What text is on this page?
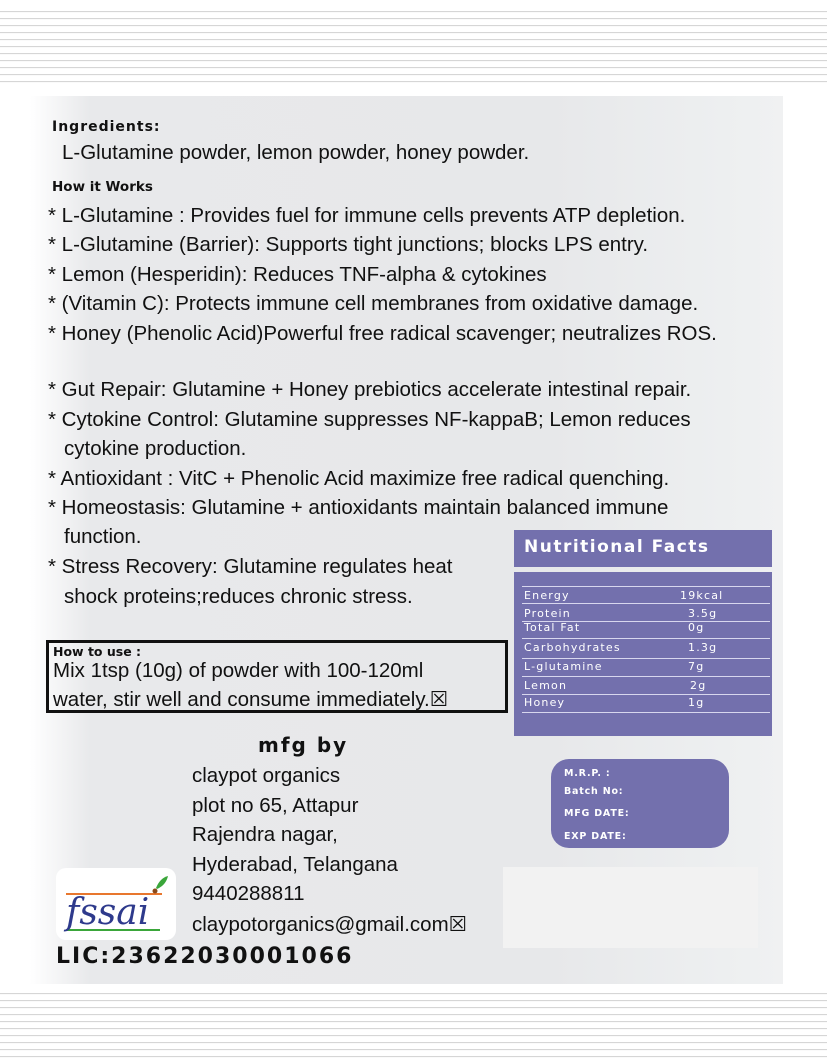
Ingredients:
L-Glutamine powder, lemon powder, honey powder.
How it Works
* L-Glutamine : Provides fuel for immune cells prevents ATP depletion.
* L-Glutamine (Barrier): Supports tight junctions; blocks LPS entry.
* Lemon (Hesperidin): Reduces TNF-alpha & cytokines
* (Vitamin C): Protects immune cell membranes from oxidative damage.
* Honey (Phenolic Acid)Powerful free radical scavenger; neutralizes ROS.
* Gut Repair: Glutamine + Honey prebiotics accelerate intestinal repair.
* Cytokine Control: Glutamine suppresses NF-kappaB; Lemon reduces
cytokine production.
* Antioxidant : VitC + Phenolic Acid maximize free radical quenching.
* Homeostasis: Glutamine + antioxidants maintain balanced immune
function.
* Stress Recovery: Glutamine regulates heat
shock proteins;reduces chronic stress.
How to use :
Mix 1tsp (10g) of powder with 100-120ml
water, stir well and consume immediately.☒
Nutritional Facts
Energy	19kcal
Protein	3.5g
Total Fat	0g
Carbohydrates	1.3g
L-glutamine	7g
Lemon	2g
Honey	1g
mfg by
claypot organics
plot no 65, Attapur
Rajendra nagar,
Hyderabad, Telangana
9440288811
claypotorganics@gmail.com☒
M.R.P. :
Batch No:
MFG DATE:
EXP DATE:
fssai
LIC:23622030001066
